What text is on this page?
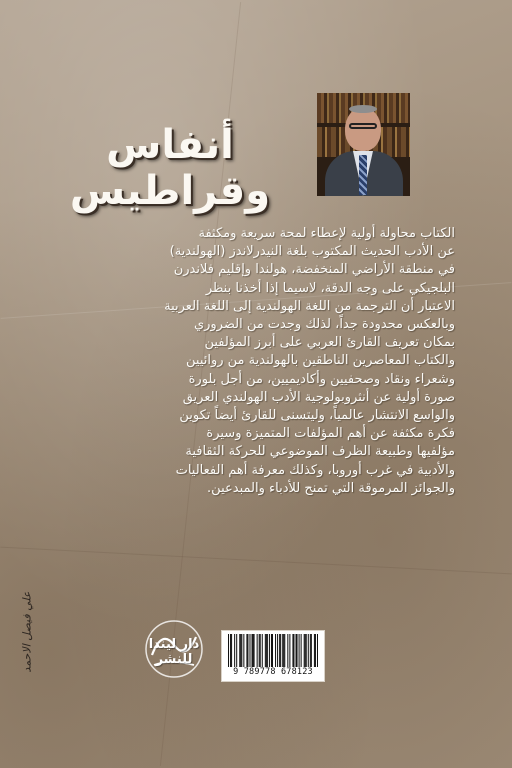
أنفاس وقراطيس
الكتاب محاولة أولية لإعطاء لمحة سريعة ومكثفة
عن الأدب الحديث المكتوب بلغة النيدرلاندز (الهولندية)
في منطقة الأراضي المنخفضة، هولندا وإقليم فلاندرن
البلجيكي على وجه الدقة، لاسيما إذا أخذنا بنظر
الاعتبار أن الترجمة من اللغة الهولندية إلى اللغة العربية
وبالعكس محدودة جداً، لذلك وجدت من الضروري
بمكان تعريف القارئ العربي على أبرز المؤلفين
والكتاب المعاصرين الناطقين بالهولندية من روائيين
وشعراء ونقاد وصحفيين وأكاديميين، من أجل بلورة
صورة أولية عن أنثروبولوجية الأدب الهولندي العريق
والواسع الانتشار عالمياً، وليتسنى للقارئ أيضاً تكوين
فكرة مكثفة عن أهم المؤلفات المتميزة وسيرة
مؤلفيها وطبيعة الظرف الموضوعي للحركة الثقافية
والأدبية في غرب أوروبا، وكذلك معرفة أهم الفعاليات
والجوائز المرموقة التي تمنح للأدباء والمبدعين.
علي فيصل الاحمد	دار ليندا للنشر
9 789778 678123
